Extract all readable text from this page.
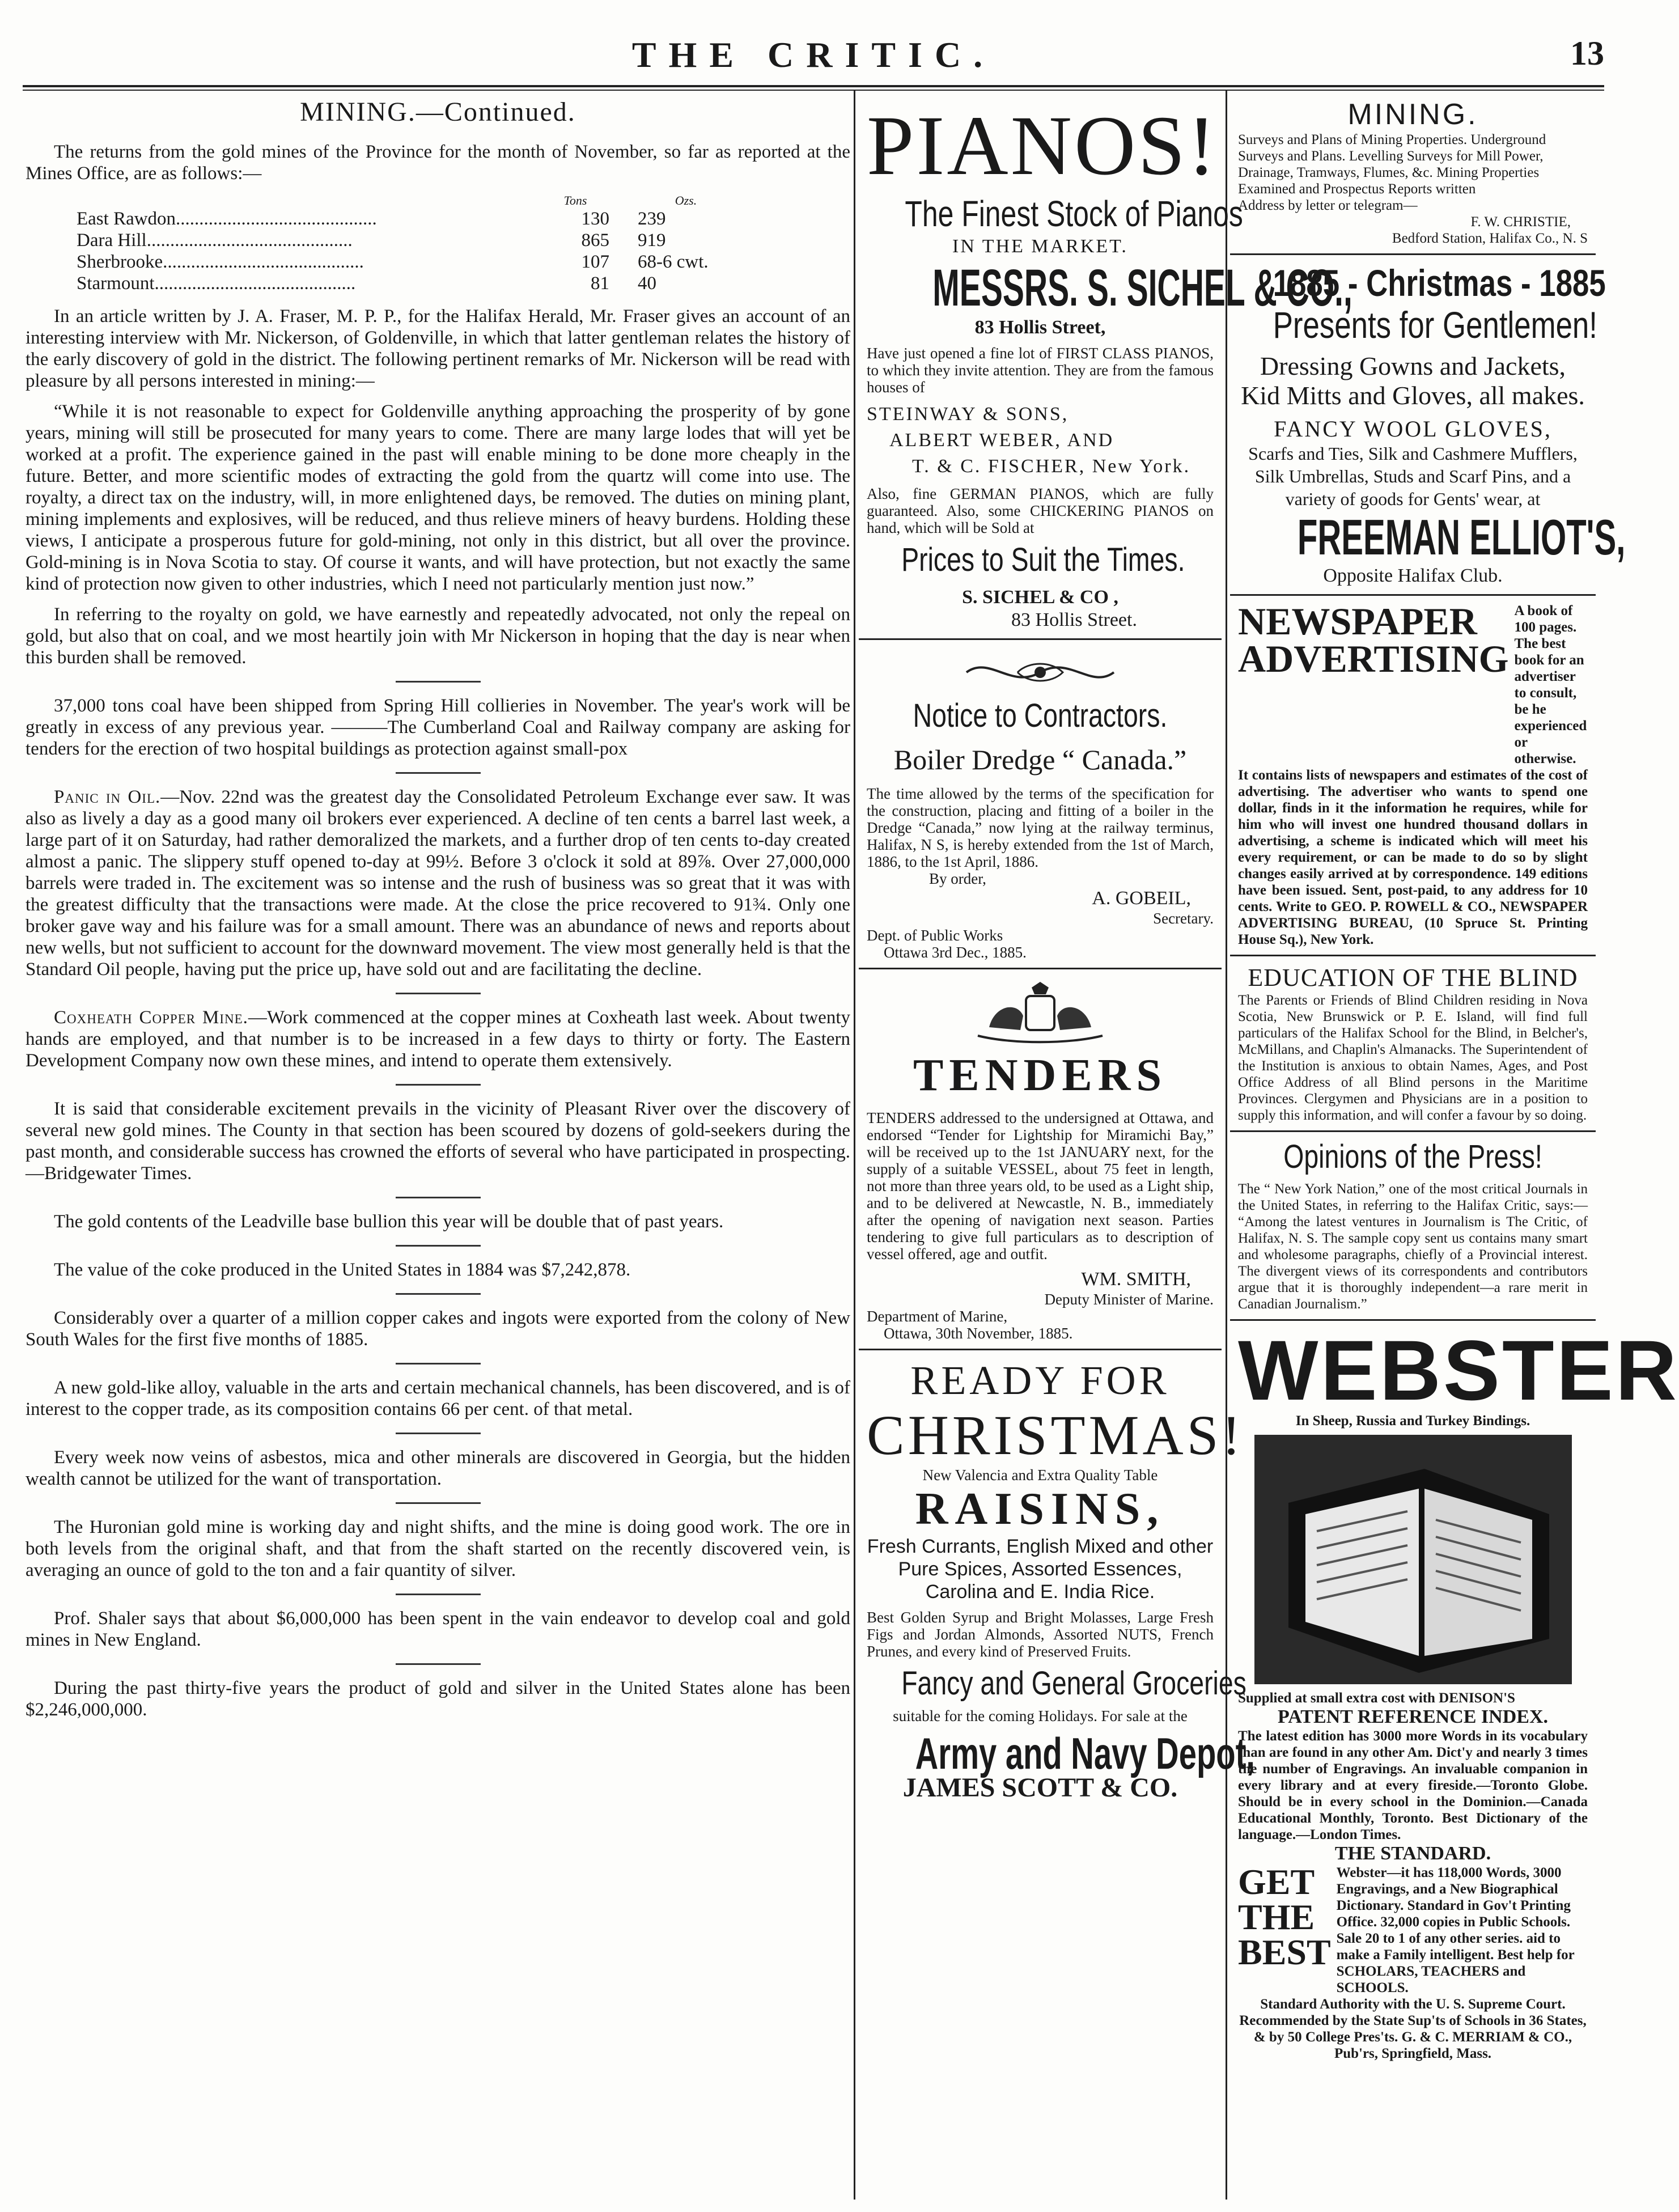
THE CRITIC.	13
MINING.—Continued.

The returns from the gold mines of the Province for the month of November, so far as reported at the Mines Office, are as follows:—

	Tons	Ozs.
East Rawdon...........................................	130	239
Dara Hill............................................	865	919
Sherbrooke...........................................	107	68-6 cwt.
Starmount...........................................	81	40

In an article written by J. A. Fraser, M. P. P., for the Halifax Herald, Mr. Fraser gives an account of an interesting interview with Mr. Nickerson, of Goldenville, in which that latter gentleman relates the history of the early discovery of gold in the district. The following pertinent remarks of Mr. Nickerson will be read with pleasure by all persons interested in mining:—

“While it is not reasonable to expect for Goldenville anything approaching the prosperity of by gone years, mining will still be prosecuted for many years to come. There are many large lodes that will yet be worked at a profit. The experience gained in the past will enable mining to be done more cheaply in the future. Better, and more scientific modes of extracting the gold from the quartz will come into use. The royalty, a direct tax on the industry, will, in more enlightened days, be removed. The duties on mining plant, mining implements and explosives, will be reduced, and thus relieve miners of heavy burdens. Holding these views, I anticipate a prosperous future for gold-mining, not only in this district, but all over the province. Gold-mining is in Nova Scotia to stay. Of course it wants, and will have protection, but not exactly the same kind of protection now given to other industries, which I need not particularly mention just now.”

In referring to the royalty on gold, we have earnestly and repeatedly advocated, not only the repeal on gold, but also that on coal, and we most heartily join with Mr Nickerson in hoping that the day is near when this burden shall be removed.

37,000 tons coal have been shipped from Spring Hill collieries in November. The year's work will be greatly in excess of any previous year. ———The Cumberland Coal and Railway company are asking for tenders for the erection of two hospital buildings as protection against small-pox

Panic in Oil.—Nov. 22nd was the greatest day the Consolidated Petroleum Exchange ever saw. It was also as lively a day as a good many oil brokers ever experienced. A decline of ten cents a barrel last week, a large part of it on Saturday, had rather demoralized the markets, and a further drop of ten cents to-day created almost a panic. The slippery stuff opened to-day at 99½. Before 3 o'clock it sold at 89⅞. Over 27,000,000 barrels were traded in. The excitement was so intense and the rush of business was so great that it was with the greatest difficulty that the transactions were made. At the close the price recovered to 91¾. Only one broker gave way and his failure was for a small amount. There was an abundance of news and reports about new wells, but not sufficient to account for the downward movement. The view most generally held is that the Standard Oil people, having put the price up, have sold out and are facilitating the decline.

Coxheath Copper Mine.—Work commenced at the copper mines at Coxheath last week. About twenty hands are employed, and that number is to be increased in a few days to thirty or forty. The Eastern Development Company now own these mines, and intend to operate them extensively.

It is said that considerable excitement prevails in the vicinity of Pleasant River over the discovery of several new gold mines. The County in that section has been scoured by dozens of gold-seekers during the past month, and considerable success has crowned the efforts of several who have participated in prospecting.—Bridgewater Times.

The gold contents of the Leadville base bullion this year will be double that of past years.

The value of the coke produced in the United States in 1884 was $7,242,878.

Considerably over a quarter of a million copper cakes and ingots were exported from the colony of New South Wales for the first five months of 1885.

A new gold-like alloy, valuable in the arts and certain mechanical channels, has been discovered, and is of interest to the copper trade, as its composition contains 66 per cent. of that metal.

Every week now veins of asbestos, mica and other minerals are discovered in Georgia, but the hidden wealth cannot be utilized for the want of transportation.

The Huronian gold mine is working day and night shifts, and the mine is doing good work. The ore in both levels from the original shaft, and that from the shaft started on the recently discovered vein, is averaging an ounce of gold to the ton and a fair quantity of silver.

Prof. Shaler says that about $6,000,000 has been spent in the vain endeavor to develop coal and gold mines in New England.

During the past thirty-five years the product of gold and silver in the United States alone has been $2,246,000,000.

PIANOS!
The Finest Stock of Pianos
IN THE MARKET.
MESSRS. S. SICHEL & CO.,
83 Hollis Street,
Have just opened a fine lot of FIRST CLASS PIANOS, to which they invite attention. They are from the famous houses of
STEINWAY & SONS,
ALBERT WEBER, AND
T. & C. FISCHER, New York.
Also, fine GERMAN PIANOS, which are fully guaranteed. Also, some CHICKERING PIANOS on hand, which will be Sold at
Prices to Suit the Times.
S. SICHEL & CO ,
83 Hollis Street.
Notice to Contractors.
Boiler Dredge “ Canada.”
The time allowed by the terms of the specification for the construction, placing and fitting of a boiler in the Dredge “Canada,” now lying at the railway terminus, Halifax, N S, is hereby extended from the 1st of March, 1886, to the 1st April, 1886.
By order,
A. GOBEIL,
Secretary.
Dept. of Public Works
Ottawa 3rd Dec., 1885.
TENDERS
TENDERS addressed to the undersigned at Ottawa, and endorsed “Tender for Lightship for Miramichi Bay,” will be received up to the 1st JANUARY next, for the supply of a suitable VESSEL, about 75 feet in length, not more than three years old, to be used as a Light ship, and to be delivered at Newcastle, N. B., immediately after the opening of navigation next season. Parties tendering to give full particulars as to description of vessel offered, age and outfit.
WM. SMITH,
Deputy Minister of Marine.
Department of Marine,
Ottawa, 30th November, 1885.
READY FOR
CHRISTMAS!
New Valencia and Extra Quality Table
RAISINS,
Fresh Currants, English Mixed and other Pure Spices, Assorted Essences, Carolina and E. India Rice.
Best Golden Syrup and Bright Molasses, Large Fresh Figs and Jordan Almonds, Assorted NUTS, French Prunes, and every kind of Preserved Fruits.
Fancy and General Groceries
suitable for the coming Holidays. For sale at the
Army and Navy Depot,
JAMES SCOTT & CO.
MINING.
Surveys and Plans of Mining Properties. Underground Surveys and Plans. Levelling Surveys for Mill Power, Drainage, Tramways, Flumes, &c. Mining Properties Examined and Prospectus Reports written
Address by letter or telegram—
F. W. CHRISTIE,
Bedford Station, Halifax Co., N. S
1885 - Christmas - 1885
Presents for Gentlemen!
Dressing Gowns and Jackets, Kid Mitts and Gloves, all makes.
FANCY WOOL GLOVES,
Scarfs and Ties, Silk and Cashmere Mufflers, Silk Umbrellas, Studs and Scarf Pins, and a variety of goods for Gents' wear, at
FREEMAN ELLIOT'S,
Opposite Halifax Club.
NEWSPAPER
ADVERTISING
A book of 100 pages. The best book for an advertiser to consult, be he experienced or otherwise.
It contains lists of newspapers and estimates of the cost of advertising. The advertiser who wants to spend one dollar, finds in it the information he requires, while for him who will invest one hundred thousand dollars in advertising, a scheme is indicated which will meet his every requirement, or can be made to do so by slight changes easily arrived at by correspondence. 149 editions have been issued. Sent, post-paid, to any address for 10 cents. Write to GEO. P. ROWELL & CO., NEWSPAPER ADVERTISING BUREAU, (10 Spruce St. Printing House Sq.), New York.
EDUCATION OF THE BLIND
The Parents or Friends of Blind Children residing in Nova Scotia, New Brunswick or P. E. Island, will find full particulars of the Halifax School for the Blind, in Belcher's, McMillans, and Chaplin's Almanacks. The Superintendent of the Institution is anxious to obtain Names, Ages, and Post Office Address of all Blind persons in the Maritime Provinces. Clergymen and Physicians are in a position to supply this information, and will confer a favour by so doing.
Opinions of the Press!
The “ New York Nation,” one of the most critical Journals in the United States, in referring to the Halifax Critic, says:— “Among the latest ventures in Journalism is The Critic, of Halifax, N. S. The sample copy sent us contains many smart and wholesome paragraphs, chiefly of a Provincial interest. The divergent views of its correspondents and contributors argue that it is thoroughly independent—a rare merit in Canadian Journalism.”
WEBSTER
In Sheep, Russia and Turkey Bindings.
Supplied at small extra cost with DENISON'S
PATENT REFERENCE INDEX.
The latest edition has 3000 more Words in its vocabulary than are found in any other Am. Dict'y and nearly 3 times the number of Engravings. An invaluable companion in every library and at every fireside.—Toronto Globe. Should be in every school in the Dominion.—Canada Educational Monthly, Toronto. Best Dictionary of the language.—London Times.
THE STANDARD.
GET
THE
BEST
Webster—it has 118,000 Words, 3000 Engravings, and a New Biographical Dictionary. Standard in Gov't Printing Office. 32,000 copies in Public Schools. Sale 20 to 1 of any other series. aid to make a Family intelligent. Best help for SCHOLARS, TEACHERS and SCHOOLS.
Standard Authority with the U. S. Supreme Court. Recommended by the State Sup'ts of Schools in 36 States, & by 50 College Pres'ts. G. & C. MERRIAM & CO., Pub'rs, Springfield, Mass.
